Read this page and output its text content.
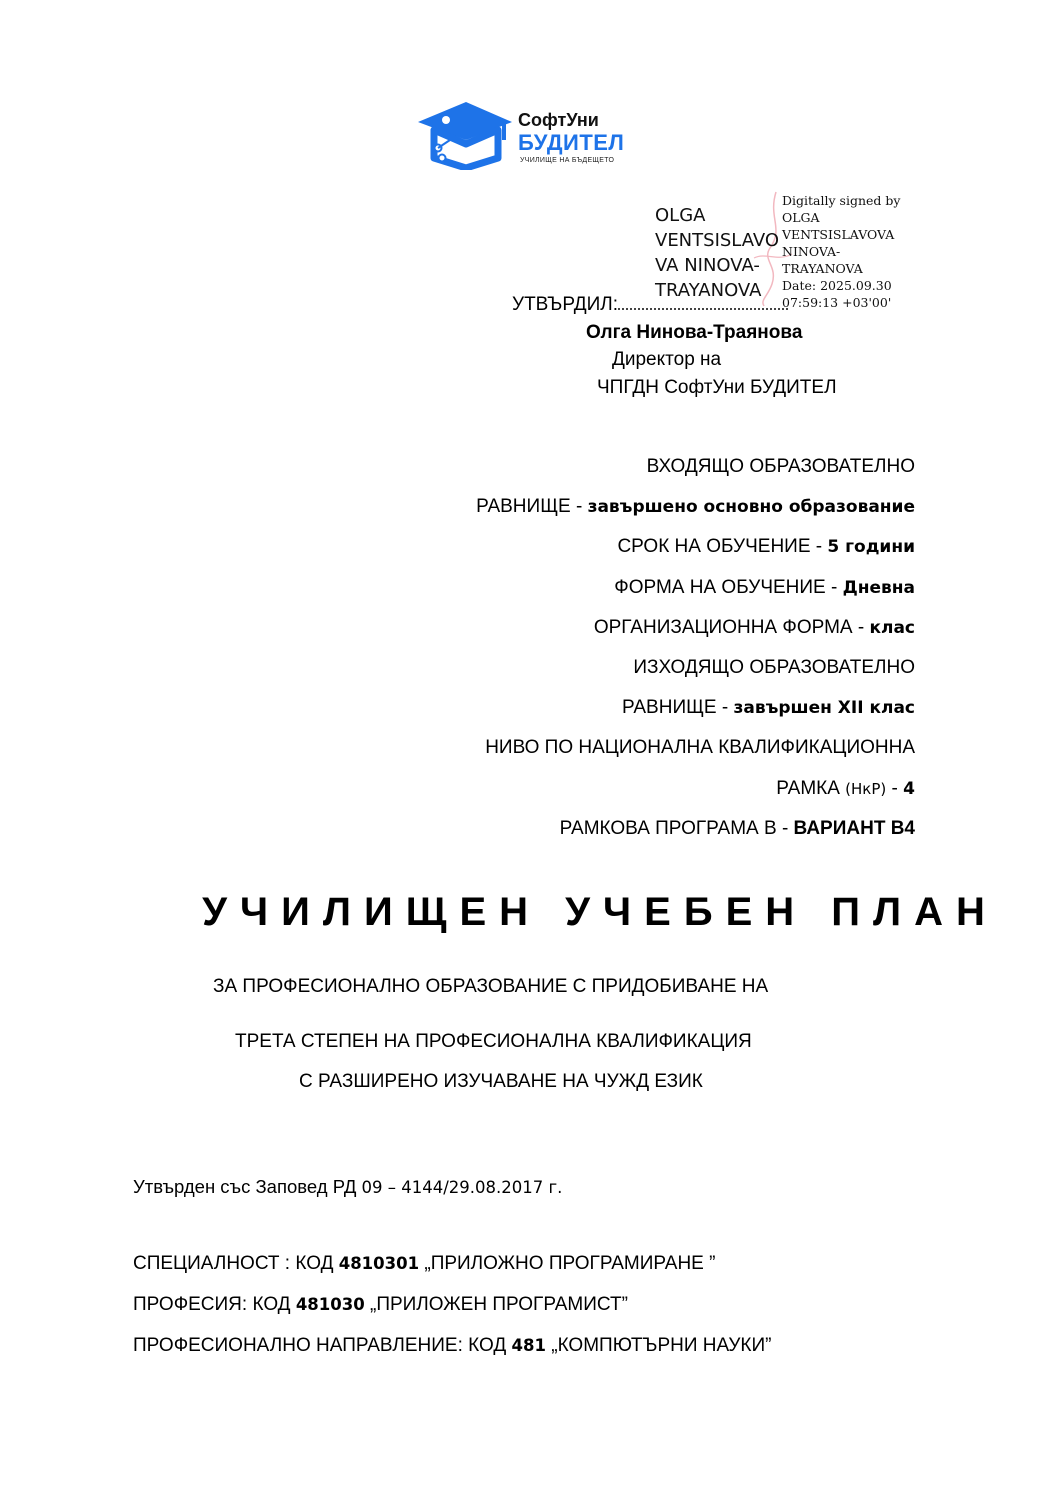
СофтУни
БУДИТЕЛ
УЧИЛИЩЕ НА БЪДЕЩЕТО
OLGA
VENTSISLAVO
VA NINOVA-
TRAYANOVA
Digitally signed by
OLGA
VENTSISLAVOVA
NINOVA-
TRAYANOVA
Date: 2025.09.30
07:59:13 +03'00'
УТВЪРДИЛ:
Олга Нинова-Траянова
Директор на
ЧПГДН СофтУни БУДИТЕЛ
ВХОДЯЩО ОБРАЗОВАТЕЛНО
РАВНИЩЕ - завършено основно образование
СРОК НА ОБУЧЕНИЕ - 5 години
ФОРМА НА ОБУЧЕНИЕ - Дневна
ОРГАНИЗАЦИОННА ФОРМА - клас
ИЗХОДЯЩО ОБРАЗОВАТЕЛНО
РАВНИЩЕ - завършен XII клас
НИВО ПО НАЦИОНАЛНА КВАЛИФИКАЦИОННА
РАМКА (НкР) - 4
РАМКОВА ПРОГРАМА В - ВАРИАНТ В4
УЧИЛИЩЕН УЧЕБЕН ПЛАН
ЗА ПРОФЕСИОНАЛНО ОБРАЗОВАНИЕ С ПРИДОБИВАНЕ НА
ТРЕТА СТЕПЕН НА ПРОФЕСИОНАЛНА КВАЛИФИКАЦИЯ
С РАЗШИРЕНО ИЗУЧАВАНЕ НА ЧУЖД ЕЗИК
Утвърден със Заповед РД 09 – 4144/29.08.2017 г.
СПЕЦИАЛНОСТ : КОД 4810301 „ПРИЛОЖНО ПРОГРАМИРАНЕ ”
ПРОФЕСИЯ: КОД 481030 „ПРИЛОЖЕН ПРОГРАМИСТ”
ПРОФЕСИОНАЛНО НАПРАВЛЕНИЕ: КОД 481 „КОМПЮТЪРНИ НАУКИ”
